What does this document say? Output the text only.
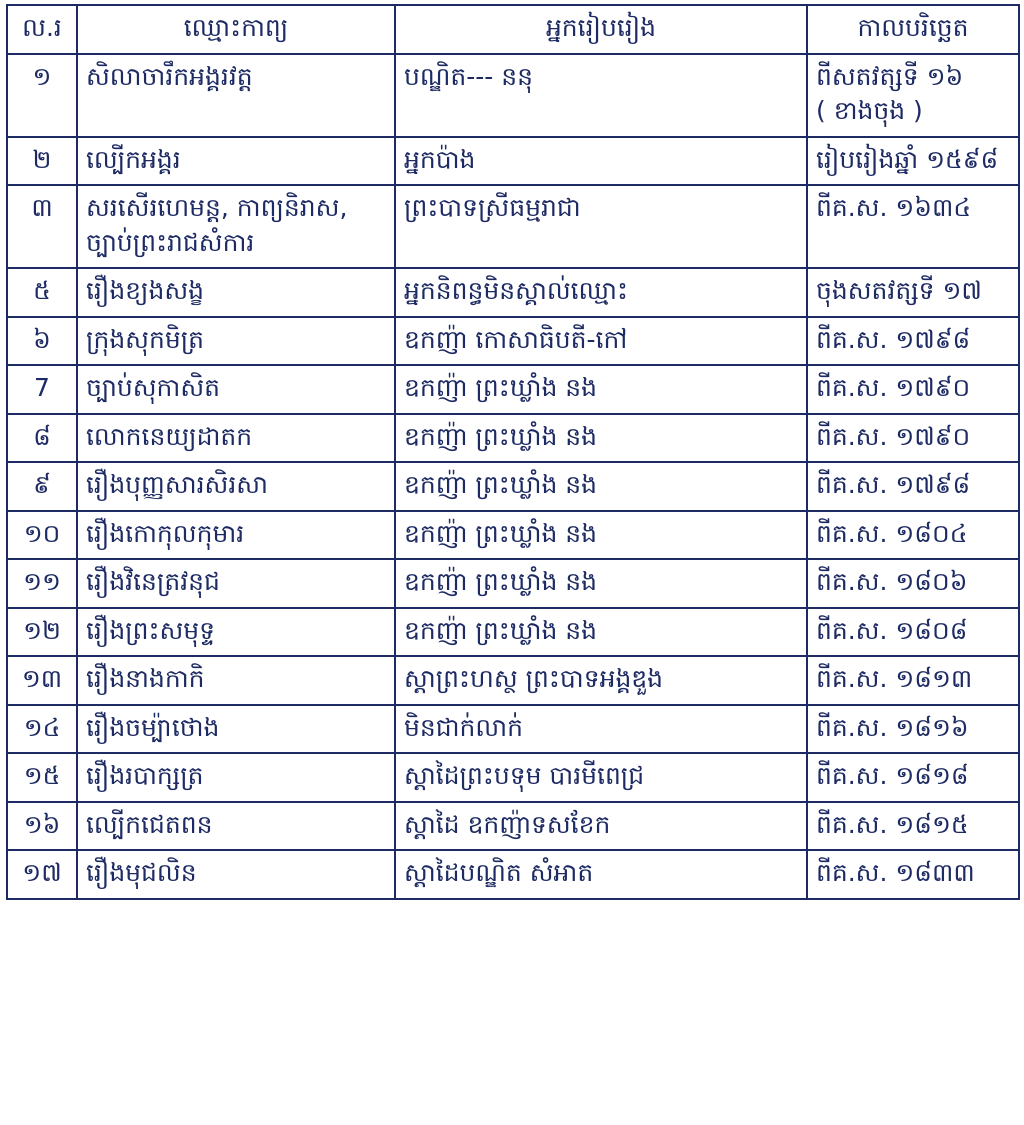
ល.រ	ឈ្មោះកាព្យ	អ្នករៀបរៀង	កាលបរិច្ឆេត
១	សិលាចារឹកអង្គរវត្ត	បណ្ឌិត--- ននុ	ពីសតវត្សទី ១៦
( ខាងចុង )

២	ល្បើកអង្គរ	អ្នកប៉ាង	រៀបរៀងឆ្នាំ ១៥៩៨
៣	សរសើរហេមន្ត, កាព្យនិរាស,
ច្បាប់ព្រះរាជសំការ	ព្រះបាទស្រីធម្មរាជា	ពីគ.ស. ១៦៣៤
៥	រឿងខ្យងសង្ខ	អ្នកនិពន្ធមិនស្គាល់ឈ្មោះ	ចុងសតវត្សទី ១៧
៦	ក្រុងសុកមិត្រ	ឧកញ៉ា កោសាធិបតី-កៅ	ពីគ.ស. ១៧៩៨
7	ច្បាប់សុកាសិត	ឧកញ៉ា ព្រះឃ្លាំង នង	ពីគ.ស. ១៧៩០
៨	លោកនេយ្យដាតក	ឧកញ៉ា ព្រះឃ្លាំង នង	ពីគ.ស. ១៧៩០
៩	រឿងបុញ្ញសារសិរសា	ឧកញ៉ា ព្រះឃ្លាំង នង	ពីគ.ស. ១៧៩៨
១០	រឿងកោកុលកុមារ	ឧកញ៉ា ព្រះឃ្លាំង នង	ពីគ.ស. ១៨០៤
១១	រឿងវិនេត្រវនុជ	ឧកញ៉ា ព្រះឃ្លាំង នង	ពីគ.ស. ១៨០៦
១២	រឿងព្រះសមុទ្ទ	ឧកញ៉ា ព្រះឃ្លាំង នង	ពីគ.ស. ១៨០៨
១៣	រឿងនាងកាកិ	ស្តាព្រះហស្ថ ព្រះបាទអង្គឌួង	ពីគ.ស. ១៨១៣
១៤	រឿងចម្ប៉ាថោង	មិនជាក់លាក់	ពីគ.ស. ១៨១៦
១៥	រឿងរបាក្សត្រ	ស្តាដៃព្រះបទុម បារមីពេជ្រ	ពីគ.ស. ១៨១៨
១៦	ល្បើកជេតពន	ស្តាដៃ ឧកញ៉ាទសខែក	ពីគ.ស. ១៨១៥
១៧	រឿងមុជលិន	ស្តាដៃបណ្ឌិត សំអាត	ពីគ.ស. ១៨៣៣
